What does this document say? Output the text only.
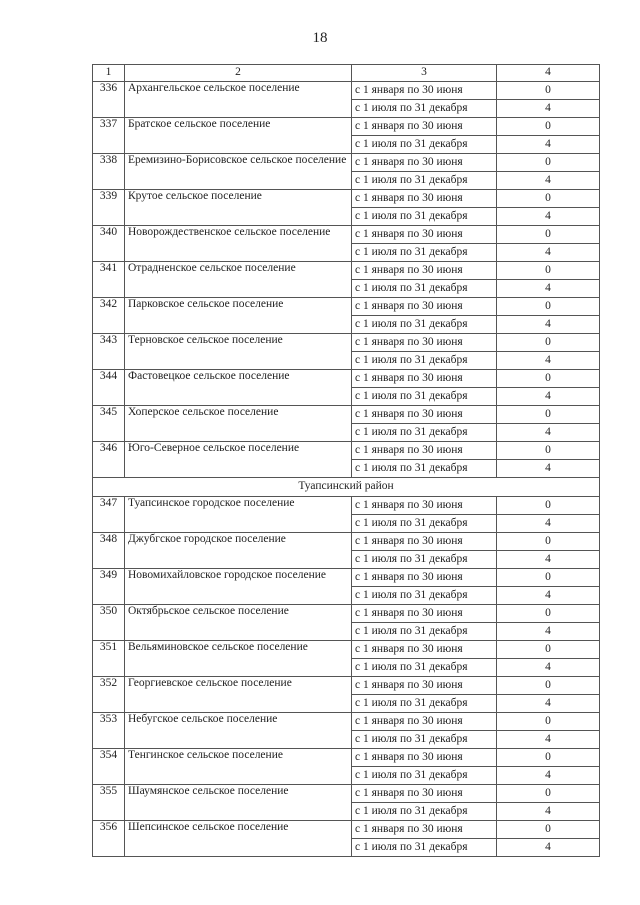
18
1	2	3	4
336	Архангельское сельское поселение	с 1 января по 30 июня	0
		с 1 июля по 31 декабря	4
337	Братское сельское поселение	с 1 января по 30 июня	0
		с 1 июля по 31 декабря	4
338	Еремизино-Борисовское сельское поселение	с 1 января по 30 июня	0
		с 1 июля по 31 декабря	4
339	Крутое сельское поселение	с 1 января по 30 июня	0
		с 1 июля по 31 декабря	4
340	Новорождественское сельское поселение	с 1 января по 30 июня	0
		с 1 июля по 31 декабря	4
341	Отрадненское сельское поселение	с 1 января по 30 июня	0
		с 1 июля по 31 декабря	4
342	Парковское сельское поселение	с 1 января по 30 июня	0
		с 1 июля по 31 декабря	4
343	Терновское сельское поселение	с 1 января по 30 июня	0
		с 1 июля по 31 декабря	4
344	Фастовецкое сельское поселение	с 1 января по 30 июня	0
		с 1 июля по 31 декабря	4
345	Хоперское сельское поселение	с 1 января по 30 июня	0
		с 1 июля по 31 декабря	4
346	Юго-Северное сельское поселение	с 1 января по 30 июня	0
		с 1 июля по 31 декабря	4
Туапсинский район			
347	Туапсинское городское поселение	с 1 января по 30 июня	0
		с 1 июля по 31 декабря	4
348	Джубгское городское поселение	с 1 января по 30 июня	0
		с 1 июля по 31 декабря	4
349	Новомихайловское городское поселение	с 1 января по 30 июня	0
		с 1 июля по 31 декабря	4
350	Октябрьское сельское поселение	с 1 января по 30 июня	0
		с 1 июля по 31 декабря	4
351	Вельяминовское сельское поселение	с 1 января по 30 июня	0
		с 1 июля по 31 декабря	4
352	Георгиевское сельское поселение	с 1 января по 30 июня	0
		с 1 июля по 31 декабря	4
353	Небугское сельское поселение	с 1 января по 30 июня	0
		с 1 июля по 31 декабря	4
354	Тенгинское сельское поселение	с 1 января по 30 июня	0
		с 1 июля по 31 декабря	4
355	Шаумянское сельское поселение	с 1 января по 30 июня	0
		с 1 июля по 31 декабря	4
356	Шепсинское сельское поселение	с 1 января по 30 июня	0
		с 1 июля по 31 декабря	4
